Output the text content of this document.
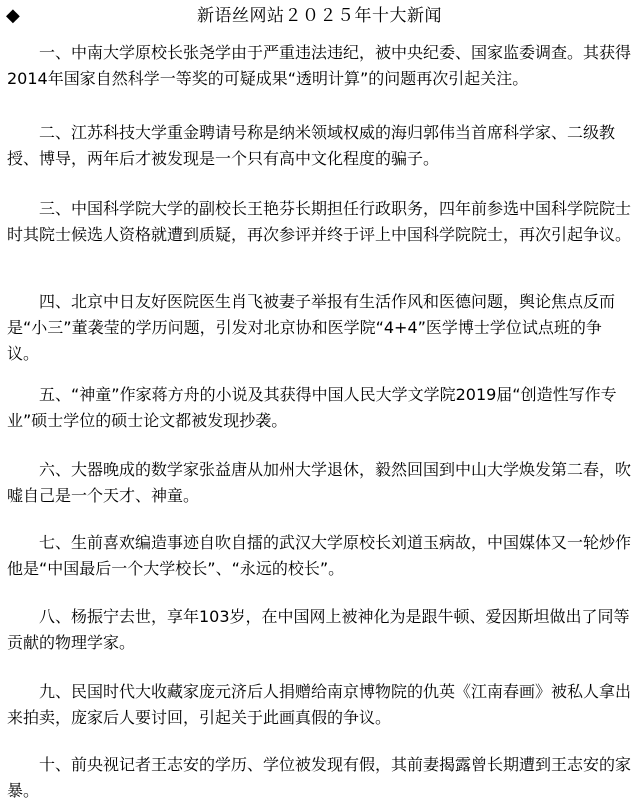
◆	新语丝网站２０２５年十大新闻

一、中南大学原校长张尧学由于严重违法违纪，被中央纪委、国家监委调查。其获得2014年国家自然科学一等奖的可疑成果“透明计算”的问题再次引起关注。

二、江苏科技大学重金聘请号称是纳米领域权威的海归郭伟当首席科学家、二级教授、博导，两年后才被发现是一个只有高中文化程度的骗子。

三、中国科学院大学的副校长王艳芬长期担任行政职务，四年前参选中国科学院院士时其院士候选人资格就遭到质疑，再次参评并终于评上中国科学院院士，再次引起争议。

四、北京中日友好医院医生肖飞被妻子举报有生活作风和医德问题，舆论焦点反而是“小三”董袭莹的学历问题，引发对北京协和医学院“4+4”医学博士学位试点班的争议。

五、“神童”作家蒋方舟的小说及其获得中国人民大学文学院2019届“创造性写作专业”硕士学位的硕士论文都被发现抄袭。

六、大器晚成的数学家张益唐从加州大学退休，毅然回国到中山大学焕发第二春，吹嘘自己是一个天才、神童。

七、生前喜欢编造事迹自吹自擂的武汉大学原校长刘道玉病故，中国媒体又一轮炒作他是“中国最后一个大学校长”、“永远的校长”。

八、杨振宁去世，享年103岁，在中国网上被神化为是跟牛顿、爱因斯坦做出了同等贡献的物理学家。

九、民国时代大收藏家庞元济后人捐赠给南京博物院的仇英《江南春画》被私人拿出来拍卖，庞家后人要讨回，引起关于此画真假的争议。

十、前央视记者王志安的学历、学位被发现有假，其前妻揭露曾长期遭到王志安的家暴。
